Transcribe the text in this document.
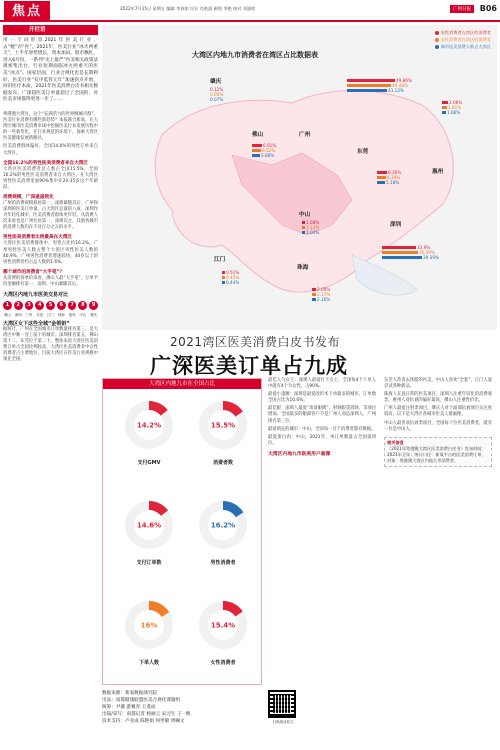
焦点	2022年7月15日 星期五 编辑 李春如 设计 肖艳淑 制图 李艳 校对 刘淑欣	广州日报	B06
开栏语
用一个词形容2021年医美行业，去“瘾”存“医”。2021年，医美行业“冰火两重天”，上半年逆势增长，资本加码，股市飘红，进入6月份，一系列“史上最严”医美相关政策法规密集出台，行业短期面临冰火两重天的医美“冰点”。国家层面，行业合规化也是长期利好，医美行业“有序监管元年”加速拐点开始，回归医疗本质。2021年医美消费白皮书相关数据发布，广深超医美订单量超过了全国的，对医美市场都得更进一步了……
粤港澳大湾区，这个“充满活力的世界级城市群”，医美行业消费有哪些新趋势？本报联合新氧，在大湾区城市医美消费市场中挖掘医美行业发展历程中的一些新变化，在行业规范的环境下，探索大湾区医美健康发展新路径。
医美消费群体偏好，全国14.6%的男性订单来自大湾区。
全国16.2%的男性医美消费者来自大湾区
大湾区医美消费者总人数占全国15.5%，全国16.2%的男性医美消费者来自大湾区。在大湾区男性医美消费里面90%集中在20-35岁这个年龄段。
消费规模，广深遥遥领先
广州的消费规模稳居第一，深圳紧随其后。广州和深圳的医美订单量，占大湾区总量的八成，深圳作为年轻化城市，医美消费者群体更年轻。从消费人次来看也是广州位居第一，深圳次之，其他各城市的消费人数均在不及百分之五的水平。
男性医美消费者比例最高在大湾区
大湾区医美消费群体中，男性占比约16.2%，广州男性医美人数占整个大湾区男性医美人数的40.9%，广州男性消费者增速较快，40岁以上的男性消费者约占总人数的1.6%。
哪个城市的消费者“大手笔”？
从消费的客单价来看，佛山人最“大手笔”，订单平均金额排名第一，深圳、中山紧随其后。
大湾区内地九市医美交易对比
1	2	3	4	5	6	7	8	9
佛山 深圳 广州 东莞 江门 珠海 惠州 中山 肇庆
大湾区女下这些全城“金领钥”
据统计，广州在全国城市订单数量排名第三，是大湾区中唯一登上前十的城市。深圳排名第五，佛山第十二，东莞位于第二十。整体来说大湾区医美消费订单占全国比例较高，大湾区医美消费者中女性消费者占主要地位，目前大湾区在医美行业规模中领先全国。
大湾区内地九市消费者在湾区占比数据表
男性消费者在湾区的消费者
女性消费者在湾区的消费者
城市医美消费人数占大湾区
肇庆
0.12%
0.06%
0.07%
广州
49.86%
46.48%
43.12%
惠州
2.06%
1.81%
1.66%
佛山
6.91%
6.52%
5.66%
东莞
6.36%
6.30%
5.18%
中山
1.08%
1.13%
1.04%
深圳
33.9%
35.39%
39.39%
江门
0.51%
0.45%
0.44%
珠海
2.09%
2.17%
2.16%
2021湾区医美消费白皮书发布
广深医美订单占九成
大湾区内地九市在全国占比
14.2%
支付GMV
15.5%
消费者数
14.6%
支付订单数
16.2%
男性消费者
16%
下单人数
15.4%
女性消费者
数据来源：新氧数据颜究院
出品：南都健康联盟医美合规化课题组
统筹：尹冀 游翼青 王遥成
出镜/采写：南都记者 杨丽云 宋习生 王一帆
技术支持：卢业成 陈艳娟 何世敏 周娴文	扫码阅读原文
最佳人气女王：深圳人最爱打卡女王，全国每4个下单人中就有4个为女性，占90%。
最爱小蛮腰：深圳是最爱改形术下单最多的城市，订单数全国占比为10.6%。
最佳眼：深圳人最爱“谈谈眼睛”，射频眼袋消除，等项目增加。全国最多的眼部客户不是广州人而是深圳人，广州排名第三位。
最爱填充的城市：中山，全国每一百个消费者都有数据。
最爱蛋白肉：中山，2021年，单订单数量占全国第四位。
大湾区内地九市医美用户画像
东莞人热衷去体脂的医美，中山人喜欢“全套”，江门人爱尝试各种新品。
珠海人在意日常的医美项目，深圳人注重年轻化的消费观念，惠州人对抗衰的偏好最高，佛山人注重性价比。
广州人最爱注射类项目，肇庆人对于面部抗衰项目关注度较高，以下是大湾区各城市医美人群画像。
中山人最喜欢抗衰类项目，全国每十位医美消费者，就有一位是中山人。
相关信息
《2021年粤港澳大湾区医美消费白皮书》发布时间：2021年全年；统计口径：新氧平台的医美消费订单，对象：粤港澳大湾区内地九市消费者。
